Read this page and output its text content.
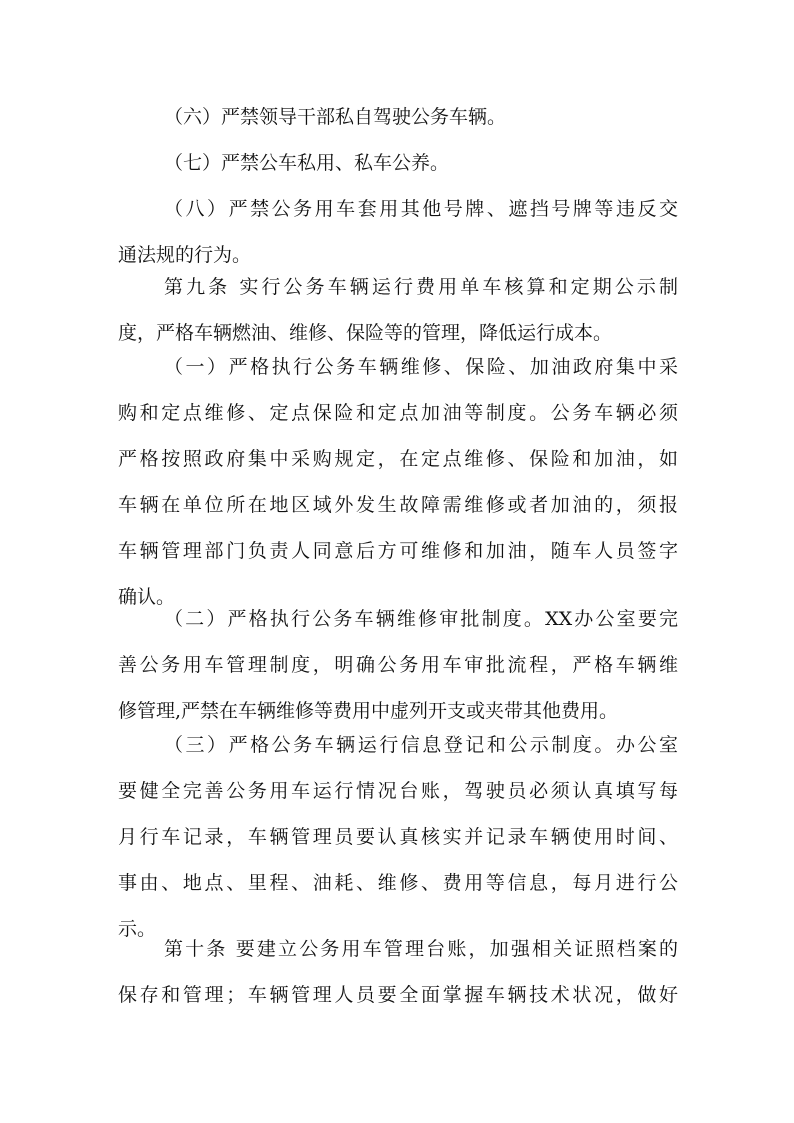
（六）严禁领导干部私自驾驶公务车辆。
（七）严禁公车私用、私车公养。
（八）严禁公务用车套用其他号牌、遮挡号牌等违反交
通法规的行为。
第九条 实行公务车辆运行费用单车核算和定期公示制
度，严格车辆燃油、维修、保险等的管理，降低运行成本。
（一）严格执行公务车辆维修、保险、加油政府集中采
购和定点维修、定点保险和定点加油等制度。公务车辆必须
严格按照政府集中采购规定，在定点维修、保险和加油，如
车辆在单位所在地区域外发生故障需维修或者加油的，须报
车辆管理部门负责人同意后方可维修和加油，随车人员签字
确认。
（二）严格执行公务车辆维修审批制度。XX办公室要完
善公务用车管理制度，明确公务用车审批流程，严格车辆维
修管理,严禁在车辆维修等费用中虚列开支或夹带其他费用。
（三）严格公务车辆运行信息登记和公示制度。办公室
要健全完善公务用车运行情况台账，驾驶员必须认真填写每
月行车记录，车辆管理员要认真核实并记录车辆使用时间、
事由、地点、里程、油耗、维修、费用等信息，每月进行公
示。
第十条 要建立公务用车管理台账，加强相关证照档案的
保存和管理；车辆管理人员要全面掌握车辆技术状况，做好
